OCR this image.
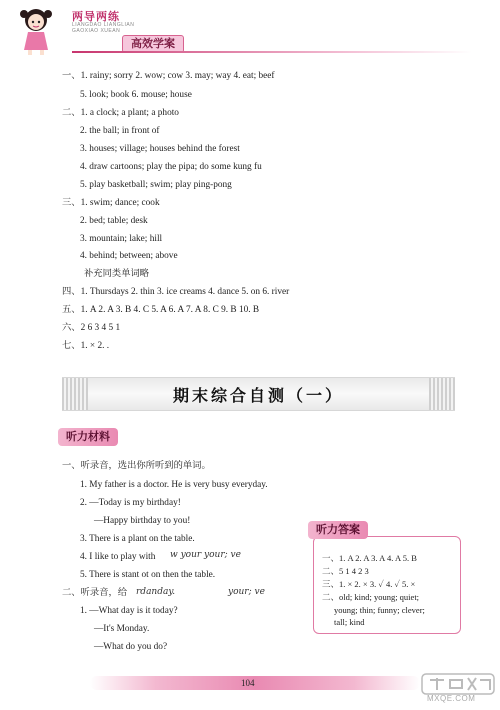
两导两练
LIANGDAO LIANGLIAN
GAOXIAO XUEAN
高效学案
一、1. rainy; sorry 2. wow; cow 3. may; way 4. eat; beef
5. look; book 6. mouse; house
二、1. a clock; a plant; a photo
2. the ball; in front of
3. houses; village; houses behind the forest
4. draw cartoons; play the pipa; do some kung fu
5. play basketball; swim; play ping-pong
三、1. swim; dance; cook
2. bed; table; desk
3. mountain; lake; hill
4. behind; between; above
补充同类单词略
四、1. Thursdays 2. thin 3. ice creams 4. dance 5. on 6. river
五、1. A 2. A 3. B 4. C 5. A 6. A 7. A 8. C 9. B 10. B
六、2 6 3 4 5 1
七、1. × 2. .
期末综合自测（一）
听力材料
一、听录音，选出你所听到的单词。
1. My father is a doctor. He is very busy everyday.
2. —Today is my birthday!
—Happy birthday to you!
3. There is a plant on the table.
4. I like to play with w your your; ve
5. There is stant ot on then the table.
二、听录音，给 rdanday.	your; ve
1. —What day is it today?
—It's Monday.
—What do you do?
一、1. A 2. A 3. A 4. A 5. B
二、5 1 4 2 3
三、1. × 2. × 3. ✓ 4. ✓ 5. ×
二、old; kind; young; quiet;
young; thin; funny; clever;
tall; kind
听力答案
104
MXQE.COM
